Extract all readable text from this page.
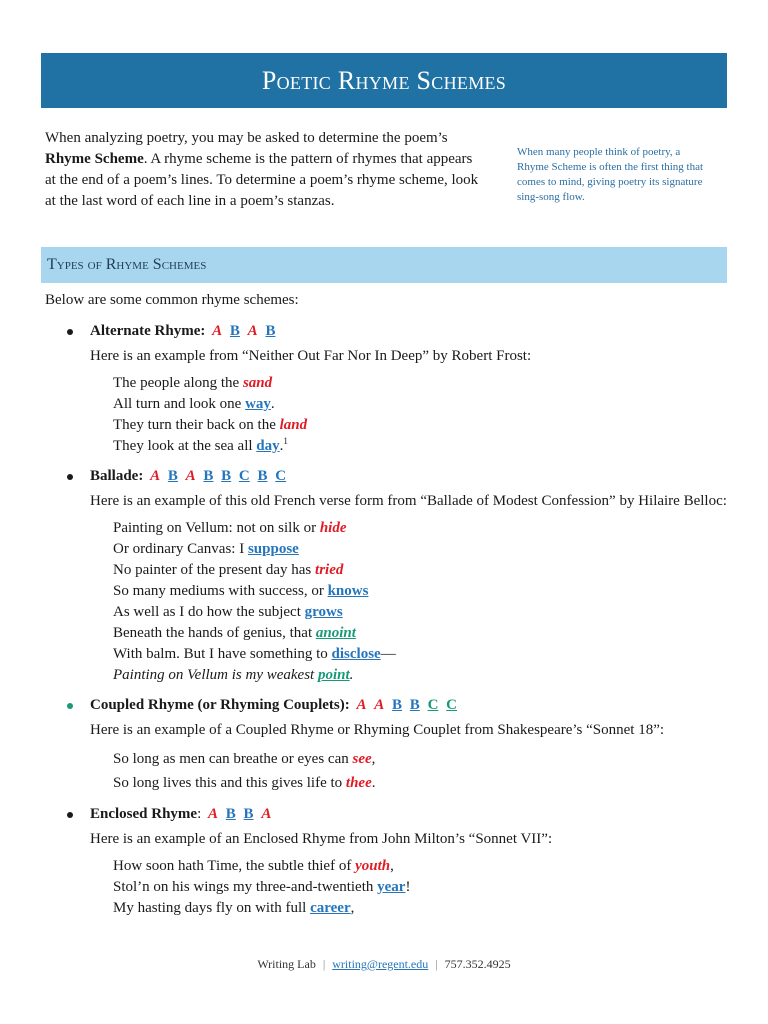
Poetic Rhyme Schemes

When analyzing poetry, you may be asked to determine the poem’s Rhyme Scheme. A rhyme scheme is the pattern of rhymes that appears at the end of a poem’s lines. To determine a poem’s rhyme scheme, look at the last word of each line in a poem’s stanzas.

When many people think of poetry, a Rhyme Scheme is often the first thing that comes to mind, giving poetry its signature sing-song flow.
Types of Rhyme Schemes

Below are some common rhyme schemes:

Alternate Rhyme: A B A B

Here is an example from “Neither Out Far Nor In Deep” by Robert Frost:

The people along the sand
All turn and look one way.
They turn their back on the land
They look at the sea all day.$^1$
Ballade: A B A B B C B C

Here is an example of this old French verse form from “Ballade of Modest Confession” by Hilaire Belloc:

Painting on Vellum: not on silk or hide
Or ordinary Canvas: I suppose
No painter of the present day has tried
So many mediums with success, or knows
As well as I do how the subject grows
Beneath the hands of genius, that anoint
With balm. But I have something to disclose—
Painting on Vellum is my weakest point.
Coupled Rhyme (or Rhyming Couplets): A A B B C C

Here is an example of a Coupled Rhyme or Rhyming Couplet from Shakespeare’s “Sonnet 18”:

So long as men can breathe or eyes can see,
So long lives this and this gives life to thee.
Enclosed Rhyme: A B B A

Here is an example of an Enclosed Rhyme from John Milton’s “Sonnet VII”:

How soon hath Time, the subtle thief of youth,
Stol’n on his wings my three-and-twentieth year!
My hasting days fly on with full career,
Writing Lab | writing@regent.edu | 757.352.4925
